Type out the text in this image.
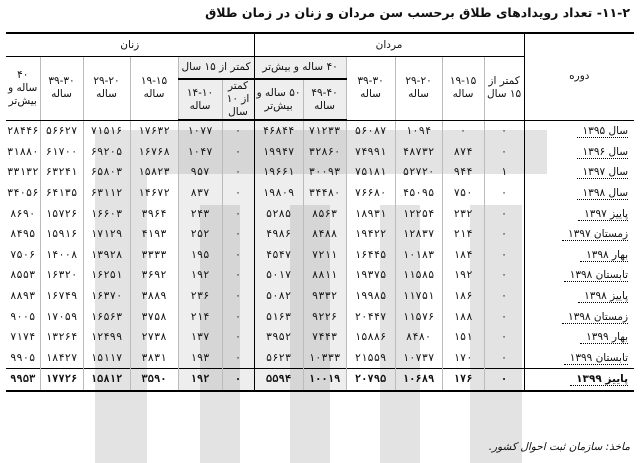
۱۱-۲- تعداد رویدادهای طلاق برحسب سن مردان و زنان در زمان طلاق
دوره	مردان						زنان					
	کمتر از ۱۵ سال	۱۹-۱۵ ساله	۲۹-۲۰ ساله	۳۹-۳۰ ساله	۴۰ ساله و بیش‌تر		کمتر از ۱۵ سال		۱۹-۱۵ ساله	۲۹-۲۰ ساله	۳۹-۳۰ ساله	۴۰ ساله و بیش‌تر
					۴۹-۴۰ ساله	۵۰ ساله و بیش‌تر	کمتر از ۱۰ سال	۱۴-۱۰ ساله				
سال ۱۳۹۵	۰	۰	۱۰۹۴	۵۶۰۸۷	۷۱۲۳۳	۴۶۸۴۴	۰	۱۰۷۷	۱۷۶۳۲	۷۱۵۱۶	۵۶۶۲۷	۲۸۴۴۶
سال ۱۳۹۶	۰	۸۷۴	۴۸۷۳۲	۷۴۹۹۱	۳۲۸۶۰	۱۹۹۴۷	۰	۱۰۴۷	۱۶۷۶۸	۶۹۲۰۵	۶۱۷۰۰	۳۱۸۸۰
سال ۱۳۹۷	۱	۹۴۴	۵۲۷۲۰	۷۵۱۸۱	۳۰۰۹۳	۱۹۶۶۱	۰	۹۵۷	۱۵۸۲۳	۶۵۸۰۳	۶۳۲۴۱	۳۳۱۳۲
سال ۱۳۹۸	۰	۷۵۰	۴۵۰۹۵	۷۶۶۸۰	۳۴۴۸۰	۱۹۸۰۹	۰	۸۳۷	۱۴۶۷۲	۶۳۱۱۲	۶۴۱۳۵	۳۴۰۵۶
پاییز ۱۳۹۷	۰	۲۳۲	۱۲۲۵۴	۱۸۹۳۱	۸۵۶۳	۵۲۸۵	۰	۲۴۳	۳۹۶۴	۱۶۶۰۳	۱۵۷۲۶	۸۶۹۰
زمستان ۱۳۹۷	۰	۲۱۴	۱۲۸۳۷	۱۹۴۲۲	۸۴۸۸	۴۹۸۶	۰	۲۵۲	۴۱۹۳	۱۷۱۲۹	۱۵۹۱۶	۸۴۹۵
بهار ۱۳۹۸	۰	۱۸۴	۱۰۱۸۳	۱۶۴۴۵	۷۲۱۱	۴۵۴۷	۰	۱۹۵	۳۳۳۳	۱۳۹۲۸	۱۴۰۰۸	۷۵۰۶
تابستان ۱۳۹۸	۰	۱۹۲	۱۱۵۸۵	۱۹۳۷۵	۸۸۱۱	۵۰۱۷	۰	۱۹۲	۳۶۹۲	۱۶۲۵۱	۱۶۳۲۰	۸۵۵۳
پاییز ۱۳۹۸	۰	۱۸۶	۱۱۷۵۱	۱۹۹۸۵	۹۳۳۲	۵۰۸۲	۰	۲۳۶	۳۸۸۹	۱۶۳۷۰	۱۶۷۴۹	۸۸۹۳
زمستان ۱۳۹۸	۰	۱۸۸	۱۱۵۷۶	۲۰۴۴۷	۹۲۲۶	۵۱۶۳	۰	۲۱۴	۳۷۵۸	۱۶۵۶۳	۱۷۰۵۹	۹۰۰۵
بهار ۱۳۹۹	۰	۱۵۱	۸۴۸۰	۱۵۸۸۶	۷۴۴۳	۳۹۵۲	۰	۱۳۷	۲۷۳۸	۱۲۴۹۹	۱۳۲۶۴	۷۱۷۴
تابستان ۱۳۹۹	۰	۱۷۰	۱۰۷۳۷	۲۱۵۵۹	۱۰۳۳۳	۵۶۲۳	۰	۱۹۳	۳۸۳۱	۱۵۱۱۷	۱۸۴۲۷	۹۹۰۵
پاییز ۱۳۹۹	۰	۱۷۶	۱۰۶۸۹	۲۰۷۹۵	۱۰۰۱۹	۵۵۹۴	۰	۱۹۲	۳۵۹۰	۱۵۸۱۲	۱۷۷۲۶	۹۹۵۳
ماخذ: سازمان ثبت احوال کشور.
